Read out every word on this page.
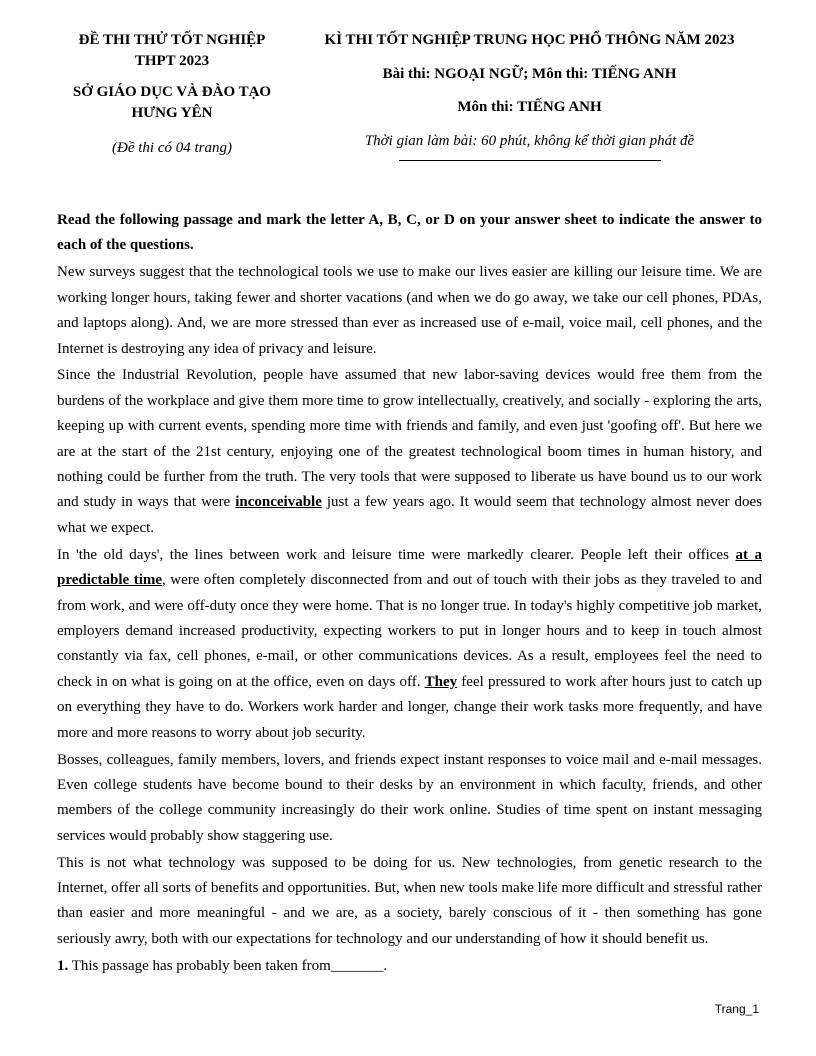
ĐỀ THI THỬ TỐT NGHIỆP THPT 2023
SỞ GIÁO DỤC VÀ ĐÀO TẠO HƯNG YÊN
(Đề thi có 04 trang)
KÌ THI TỐT NGHIỆP TRUNG HỌC PHỔ THÔNG NĂM 2023
Bài thi: NGOẠI NGỮ; Môn thi: TIẾNG ANH
Môn thi: TIẾNG ANH
Thời gian làm bài: 60 phút, không kể thời gian phát đề

Read the following passage and mark the letter A, B, C, or D on your answer sheet to indicate the answer to each of the questions.

New surveys suggest that the technological tools we use to make our lives easier are killing our leisure time. We are working longer hours, taking fewer and shorter vacations (and when we do go away, we take our cell phones, PDAs, and laptops along). And, we are more stressed than ever as increased use of e-mail, voice mail, cell phones, and the Internet is destroying any idea of privacy and leisure.

Since the Industrial Revolution, people have assumed that new labor-saving devices would free them from the burdens of the workplace and give them more time to grow intellectually, creatively, and socially - exploring the arts, keeping up with current events, spending more time with friends and family, and even just 'goofing off'. But here we are at the start of the 21st century, enjoying one of the greatest technological boom times in human history, and nothing could be further from the truth. The very tools that were supposed to liberate us have bound us to our work and study in ways that were inconceivable just a few years ago. It would seem that technology almost never does what we expect.

In 'the old days', the lines between work and leisure time were markedly clearer. People left their offices at a predictable time, were often completely disconnected from and out of touch with their jobs as they traveled to and from work, and were off-duty once they were home. That is no longer true. In today's highly competitive job market, employers demand increased productivity, expecting workers to put in longer hours and to keep in touch almost constantly via fax, cell phones, e-mail, or other communications devices. As a result, employees feel the need to check in on what is going on at the office, even on days off. They feel pressured to work after hours just to catch up on everything they have to do. Workers work harder and longer, change their work tasks more frequently, and have more and more reasons to worry about job security.

Bosses, colleagues, family members, lovers, and friends expect instant responses to voice mail and e-mail messages. Even college students have become bound to their desks by an environment in which faculty, friends, and other members of the college community increasingly do their work online. Studies of time spent on instant messaging services would probably show staggering use.

This is not what technology was supposed to be doing for us. New technologies, from genetic research to the Internet, offer all sorts of benefits and opportunities. But, when new tools make life more difficult and stressful rather than easier and more meaningful - and we are, as a society, barely conscious of it - then something has gone seriously awry, both with our expectations for technology and our understanding of how it should benefit us.

1. This passage has probably been taken from_______.

Trang_1
